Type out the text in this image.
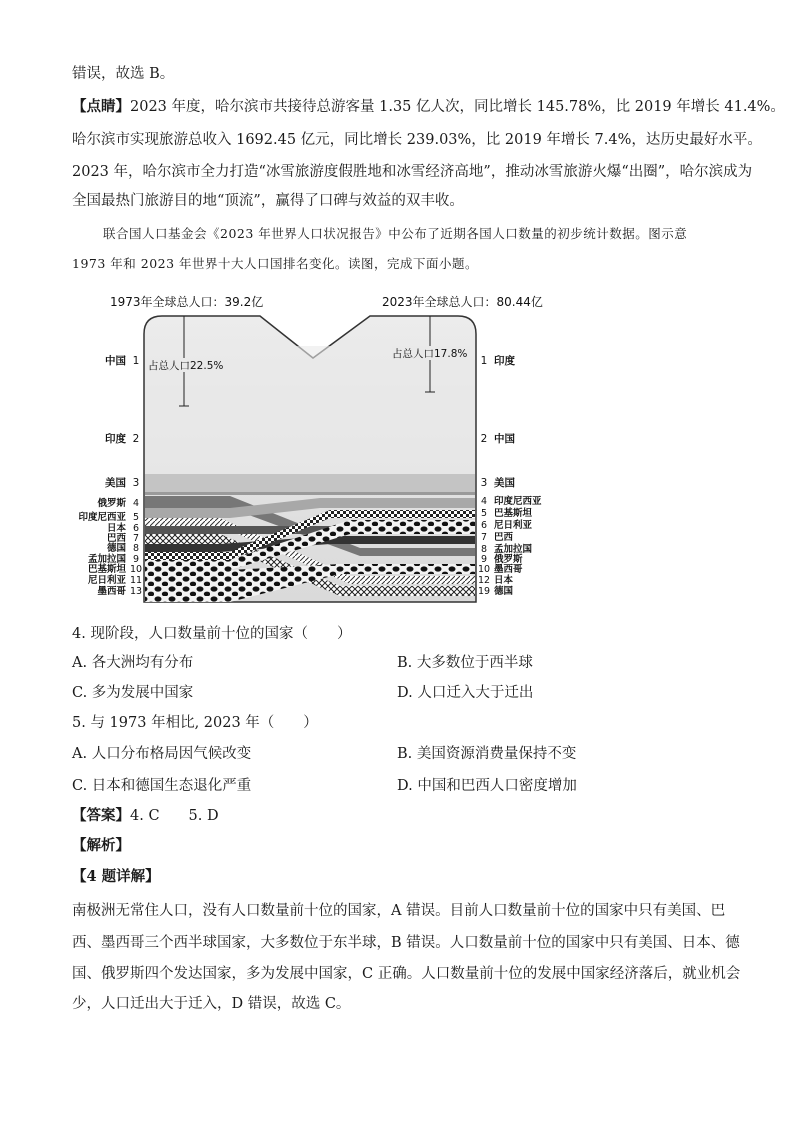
错误，故选 B。
【点睛】2023 年度，哈尔滨市共接待总游客量 1.35 亿人次，同比增长 145.78%，比 2019 年增长 41.4%。
哈尔滨市实现旅游总收入 1692.45 亿元，同比增长 239.03%，比 2019 年增长 7.4%，达历史最好水平。
2023 年，哈尔滨市全力打造“冰雪旅游度假胜地和冰雪经济高地”，推动冰雪旅游火爆“出圈”，哈尔滨成为
全国最热门旅游目的地“顶流”，赢得了口碑与效益的双丰收。
联合国人口基金会《2023 年世界人口状况报告》中公布了近期各国人口数量的初步统计数据。图示意
1973 年和 2023 年世界十大人口国排名变化。读图，完成下面小题。
1973年全球总人口：39.2亿	2023年全球总人口：80.44亿
占总人口22.5%
占总人口17.8%
中国 1
印度 2
美国 3
俄罗斯 4
印度尼西亚 5
日本 6
巴西 7
德国 8
孟加拉国 9
巴基斯坦 10
尼日利亚 11
墨西哥 13
印度
1
中国
2
美国
3
印度尼西亚
4
巴基斯坦
5
尼日利亚
6
巴西
7
孟加拉国
8
俄罗斯
9
墨西哥
10
日本
12
德国
19
4. 现阶段，人口数量前十位的国家（　　）
A. 各大洲均有分布	B. 大多数位于西半球
C. 多为发展中国家	D. 人口迁入大于迁出
5. 与 1973 年相比, 2023 年（　　）
A. 人口分布格局因气候改变	B. 美国资源消费量保持不变
C. 日本和德国生态退化严重	D. 中国和巴西人口密度增加
【答案】4. C　　5. D
【解析】
【4 题详解】
南极洲无常住人口，没有人口数量前十位的国家，A 错误。目前人口数量前十位的国家中只有美国、巴
西、墨西哥三个西半球国家，大多数位于东半球，B 错误。人口数量前十位的国家中只有美国、日本、德
国、俄罗斯四个发达国家，多为发展中国家，C 正确。人口数量前十位的发展中国家经济落后，就业机会
少，人口迁出大于迁入，D 错误，故选 C。
